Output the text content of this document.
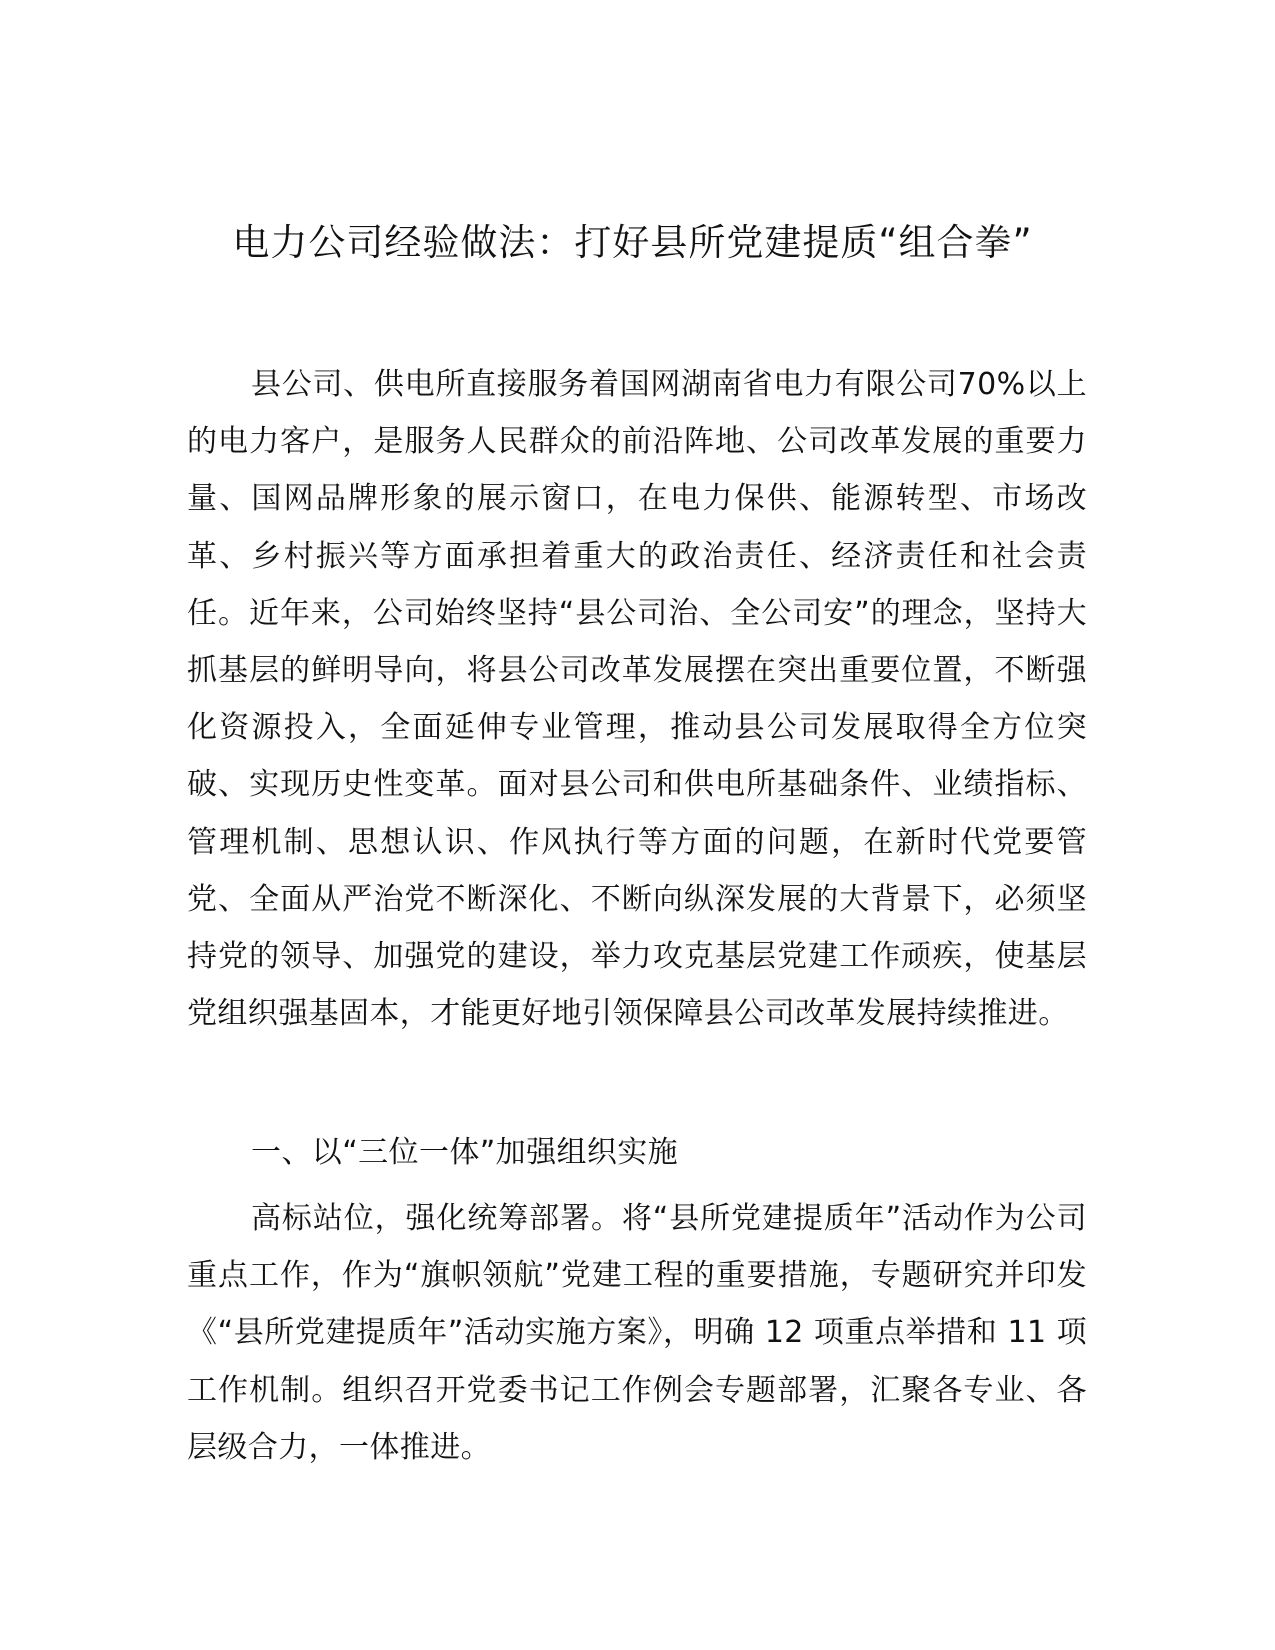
电力公司经验做法：打好县所党建提质“组合拳”

县公司、供电所直接服务着国网湖南省电力有限公司70%以上的电力客户，是服务人民群众的前沿阵地、公司改革发展的重要力量、国网品牌形象的展示窗口，在电力保供、能源转型、市场改革、乡村振兴等方面承担着重大的政治责任、经济责任和社会责任。近年来，公司始终坚持“县公司治、全公司安”的理念，坚持大抓基层的鲜明导向，将县公司改革发展摆在突出重要位置，不断强化资源投入，全面延伸专业管理，推动县公司发展取得全方位突破、实现历史性变革。面对县公司和供电所基础条件、业绩指标、管理机制、思想认识、作风执行等方面的问题，在新时代党要管党、全面从严治党不断深化、不断向纵深发展的大背景下，必须坚持党的领导、加强党的建设，举力攻克基层党建工作顽疾，使基层党组织强基固本，才能更好地引领保障县公司改革发展持续推进。

一、以“三位一体”加强组织实施

高标站位，强化统筹部署。将“县所党建提质年”活动作为公司重点工作，作为“旗帜领航”党建工程的重要措施，专题研究并印发《“县所党建提质年”活动实施方案》，明确 12 项重点举措和 11 项工作机制。组织召开党委书记工作例会专题部署，汇聚各专业、各层级合力，一体推进。
